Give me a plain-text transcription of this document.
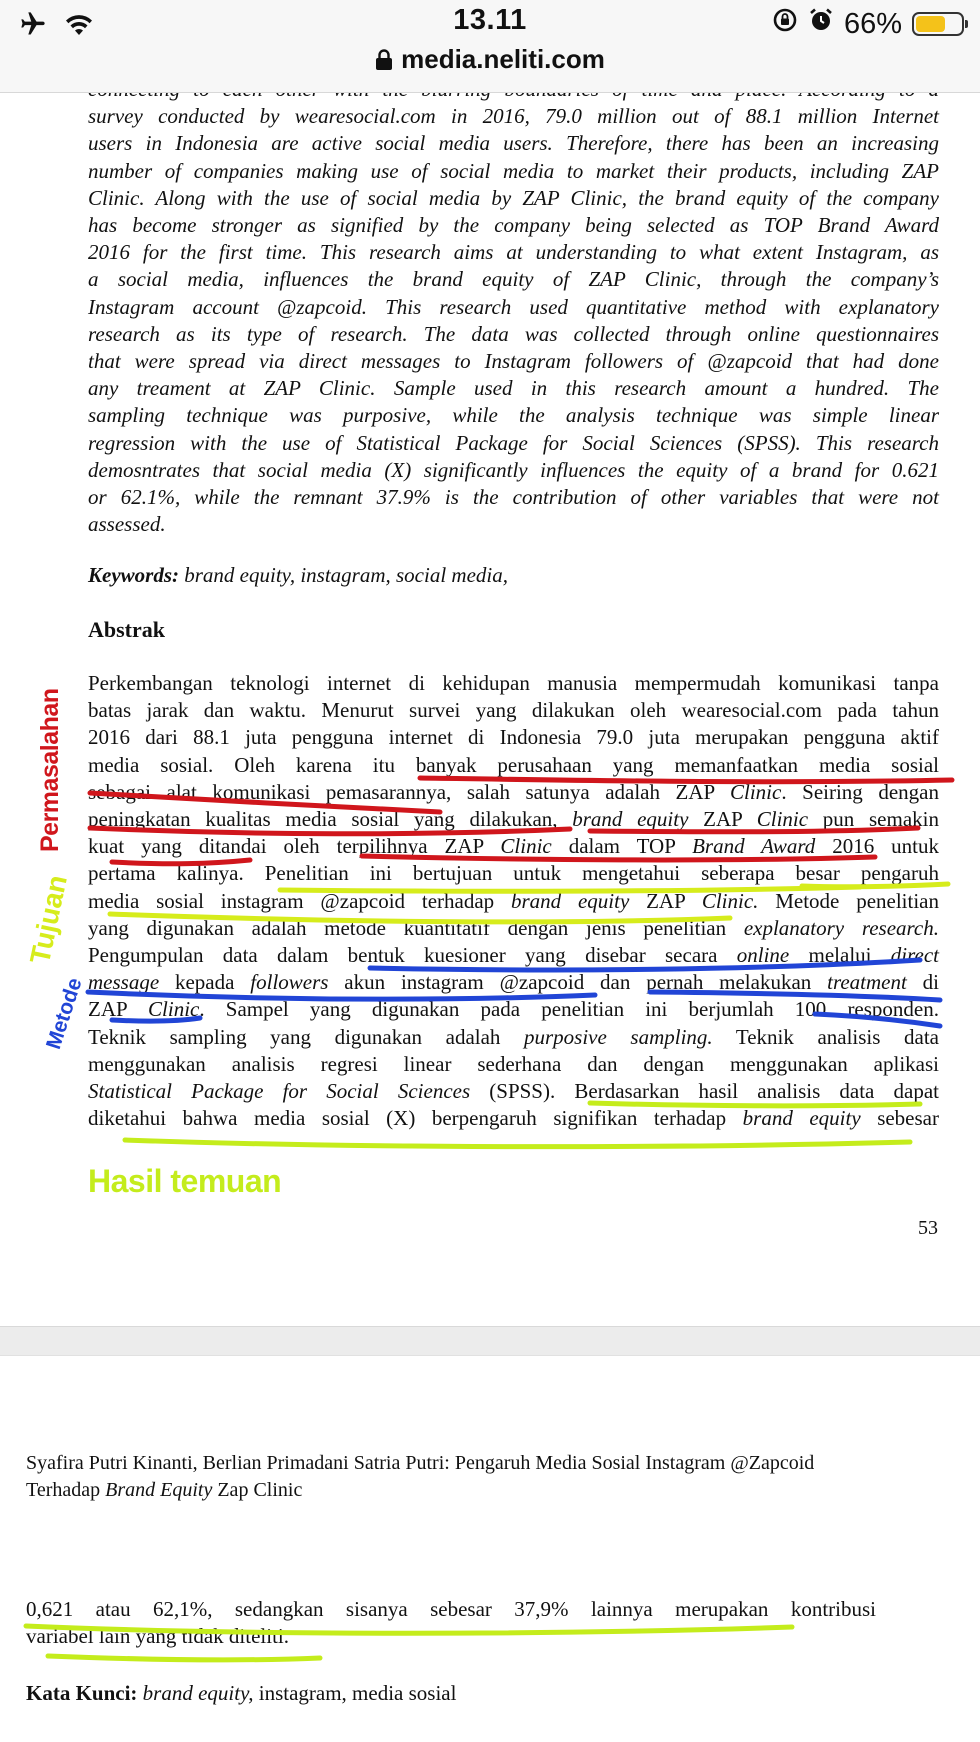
13.11	66%
media.neliti.com
survey conducted by wearesocial.com in 2016, 79.0 million out of 88.1 million Internet
users in Indonesia are active social media users. Therefore, there has been an increasing
number of companies making use of social media to market their products, including ZAP
Clinic. Along with the use of social media by ZAP Clinic, the brand equity of the company
has become stronger as signified by the company being selected as TOP Brand Award
2016 for the first time. This research aims at understanding to what extent Instagram, as
a social media, influences the brand equity of ZAP Clinic, through the company’s
Instagram account @zapcoid. This research used quantitative method with explanatory
research as its type of research. The data was collected through online questionnaires
that were spread via direct messages to Instagram followers of @zapcoid that had done
any treament at ZAP Clinic. Sample used in this research amount a hundred. The
sampling technique was purposive, while the analysis technique was simple linear
regression with the use of Statistical Package for Social Sciences (SPSS). This research
demosntrates that social media (X) significantly influences the equity of a brand for 0.621
or 62.1%, while the remnant 37.9% is the contribution of other variables that were not
assessed.
Keywords: brand equity, instagram, social media,
Abstrak
Perkembangan teknologi internet di kehidupan manusia mempermudah komunikasi tanpa
batas jarak dan waktu. Menurut survei yang dilakukan oleh wearesocial.com pada tahun
2016 dari 88.1 juta pengguna internet di Indonesia 79.0 juta merupakan pengguna aktif
media sosial. Oleh karena itu banyak perusahaan yang memanfaatkan media sosial
sebagai alat komunikasi pemasarannya, salah satunya adalah ZAP Clinic. Seiring dengan
peningkatan kualitas media sosial yang dilakukan, brand equity ZAP Clinic pun semakin
kuat yang ditandai oleh terpilihnya ZAP Clinic dalam TOP Brand Award 2016 untuk
pertama kalinya. Penelitian ini bertujuan untuk mengetahui seberapa besar pengaruh
media sosial instagram @zapcoid terhadap brand equity ZAP Clinic. Metode penelitian
yang digunakan adalah metode kuantitatif dengan jenis penelitian explanatory research.
Pengumpulan data dalam bentuk kuesioner yang disebar secara online melalui direct
message kepada followers akun instagram @zapcoid dan pernah melakukan treatment di
ZAP Clinic. Sampel yang digunakan pada penelitian ini berjumlah 100 responden.
Teknik sampling yang digunakan adalah purposive sampling. Teknik analisis data
menggunakan analisis regresi linear sederhana dan dengan menggunakan aplikasi
Statistical Package for Social Sciences (SPSS). Berdasarkan hasil analisis data dapat
diketahui bahwa media sosial (X) berpengaruh signifikan terhadap brand equity sebesar
53
Permasalahan
Tujuan
Metode
Hasil temuan
Syafira Putri Kinanti, Berlian Primadani Satria Putri: Pengaruh Media Sosial Instagram @Zapcoid
Terhadap Brand Equity Zap Clinic
0,621 atau 62,1%, sedangkan sisanya sebesar 37,9% lainnya merupakan kontribusi
variabel lain yang tidak diteliti.
Kata Kunci: brand equity, instagram, media sosial
